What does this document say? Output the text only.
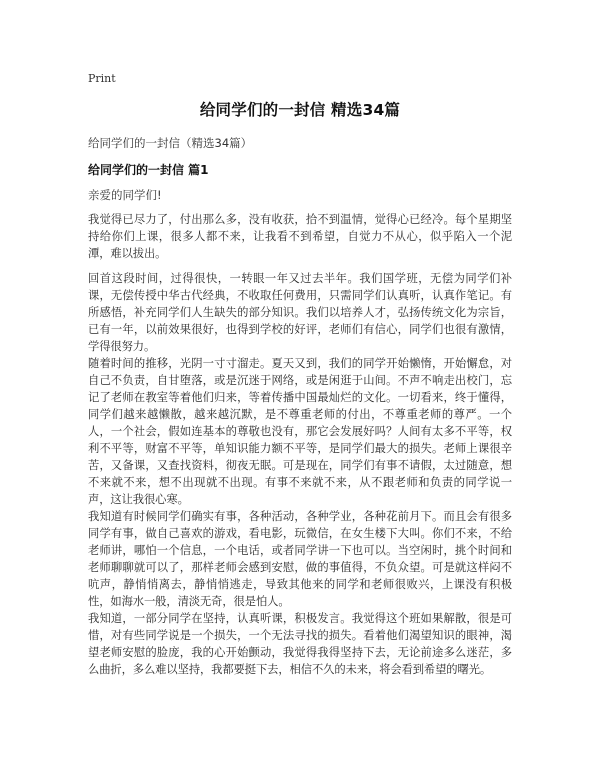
Print
给同学们的一封信 精选34篇

给同学们的一封信（精选34篇）

给同学们的一封信 篇1

亲爱的同学们!

我觉得已尽力了，付出那么多，没有收获，拾不到温情，觉得心已经冷。每个星期坚持给你们上课，很多人都不来，让我看不到希望，自觉力不从心，似乎陷入一个泥潭，难以拔出。

回首这段时间，过得很快，一转眼一年又过去半年。我们国学班，无偿为同学们补课，无偿传授中华古代经典，不收取任何费用，只需同学们认真听，认真作笔记。有所感悟，补充同学们人生缺失的部分知识。我们以培养人才，弘扬传统文化为宗旨，已有一年，以前效果很好，也得到学校的好评，老师们有信心，同学们也很有激情，学得很努力。

随着时间的推移，光阴一寸寸溜走。夏天又到，我们的同学开始懒惰，开始懈怠，对自己不负责，自甘堕落，或是沉迷于网络，或是闲逛于山间。不声不响走出校门，忘记了老师在教室等着他们归来，等着传播中国最灿烂的文化。一切看来，终于懂得，同学们越来越懒散，越来越沉默，是不尊重老师的付出，不尊重老师的尊严。一个人，一个社会，假如连基本的尊敬也没有，那它会发展好吗？人间有太多不平等，权利不平等，财富不平等，单知识能力额不平等，是同学们最大的损失。老师上课很辛苦，又备课，又查找资料，彻夜无眠。可是现在，同学们有事不请假，太过随意，想不来就不来，想不出现就不出现。有事不来就不来，从不跟老师和负责的同学说一声，这让我很心寒。

我知道有时候同学们确实有事，各种活动，各种学业，各种花前月下。而且会有很多同学有事，做自己喜欢的游戏，看电影，玩微信，在女生楼下大叫。你们不来，不给老师讲，哪怕一个信息，一个电话，或者同学讲一下也可以。当空闲时，挑个时间和老师聊聊就可以了，那样老师会感到安慰，做的事值得，不负众望。可是就这样闷不吭声，静悄悄离去，静悄悄逃走，导致其他来的同学和老师很败兴，上课没有积极性，如海水一般，清淡无奇，很是怕人。

我知道，一部分同学在坚持，认真听课，积极发言。我觉得这个班如果解散，很是可惜，对有些同学说是一个损失，一个无法寻找的损失。看着他们渴望知识的眼神，渴望老师安慰的脸庞，我的心开始颤动，我觉得我得坚持下去，无论前途多么迷茫，多么曲折，多么难以坚持，我都要挺下去，相信不久的未来，将会看到希望的曙光。
